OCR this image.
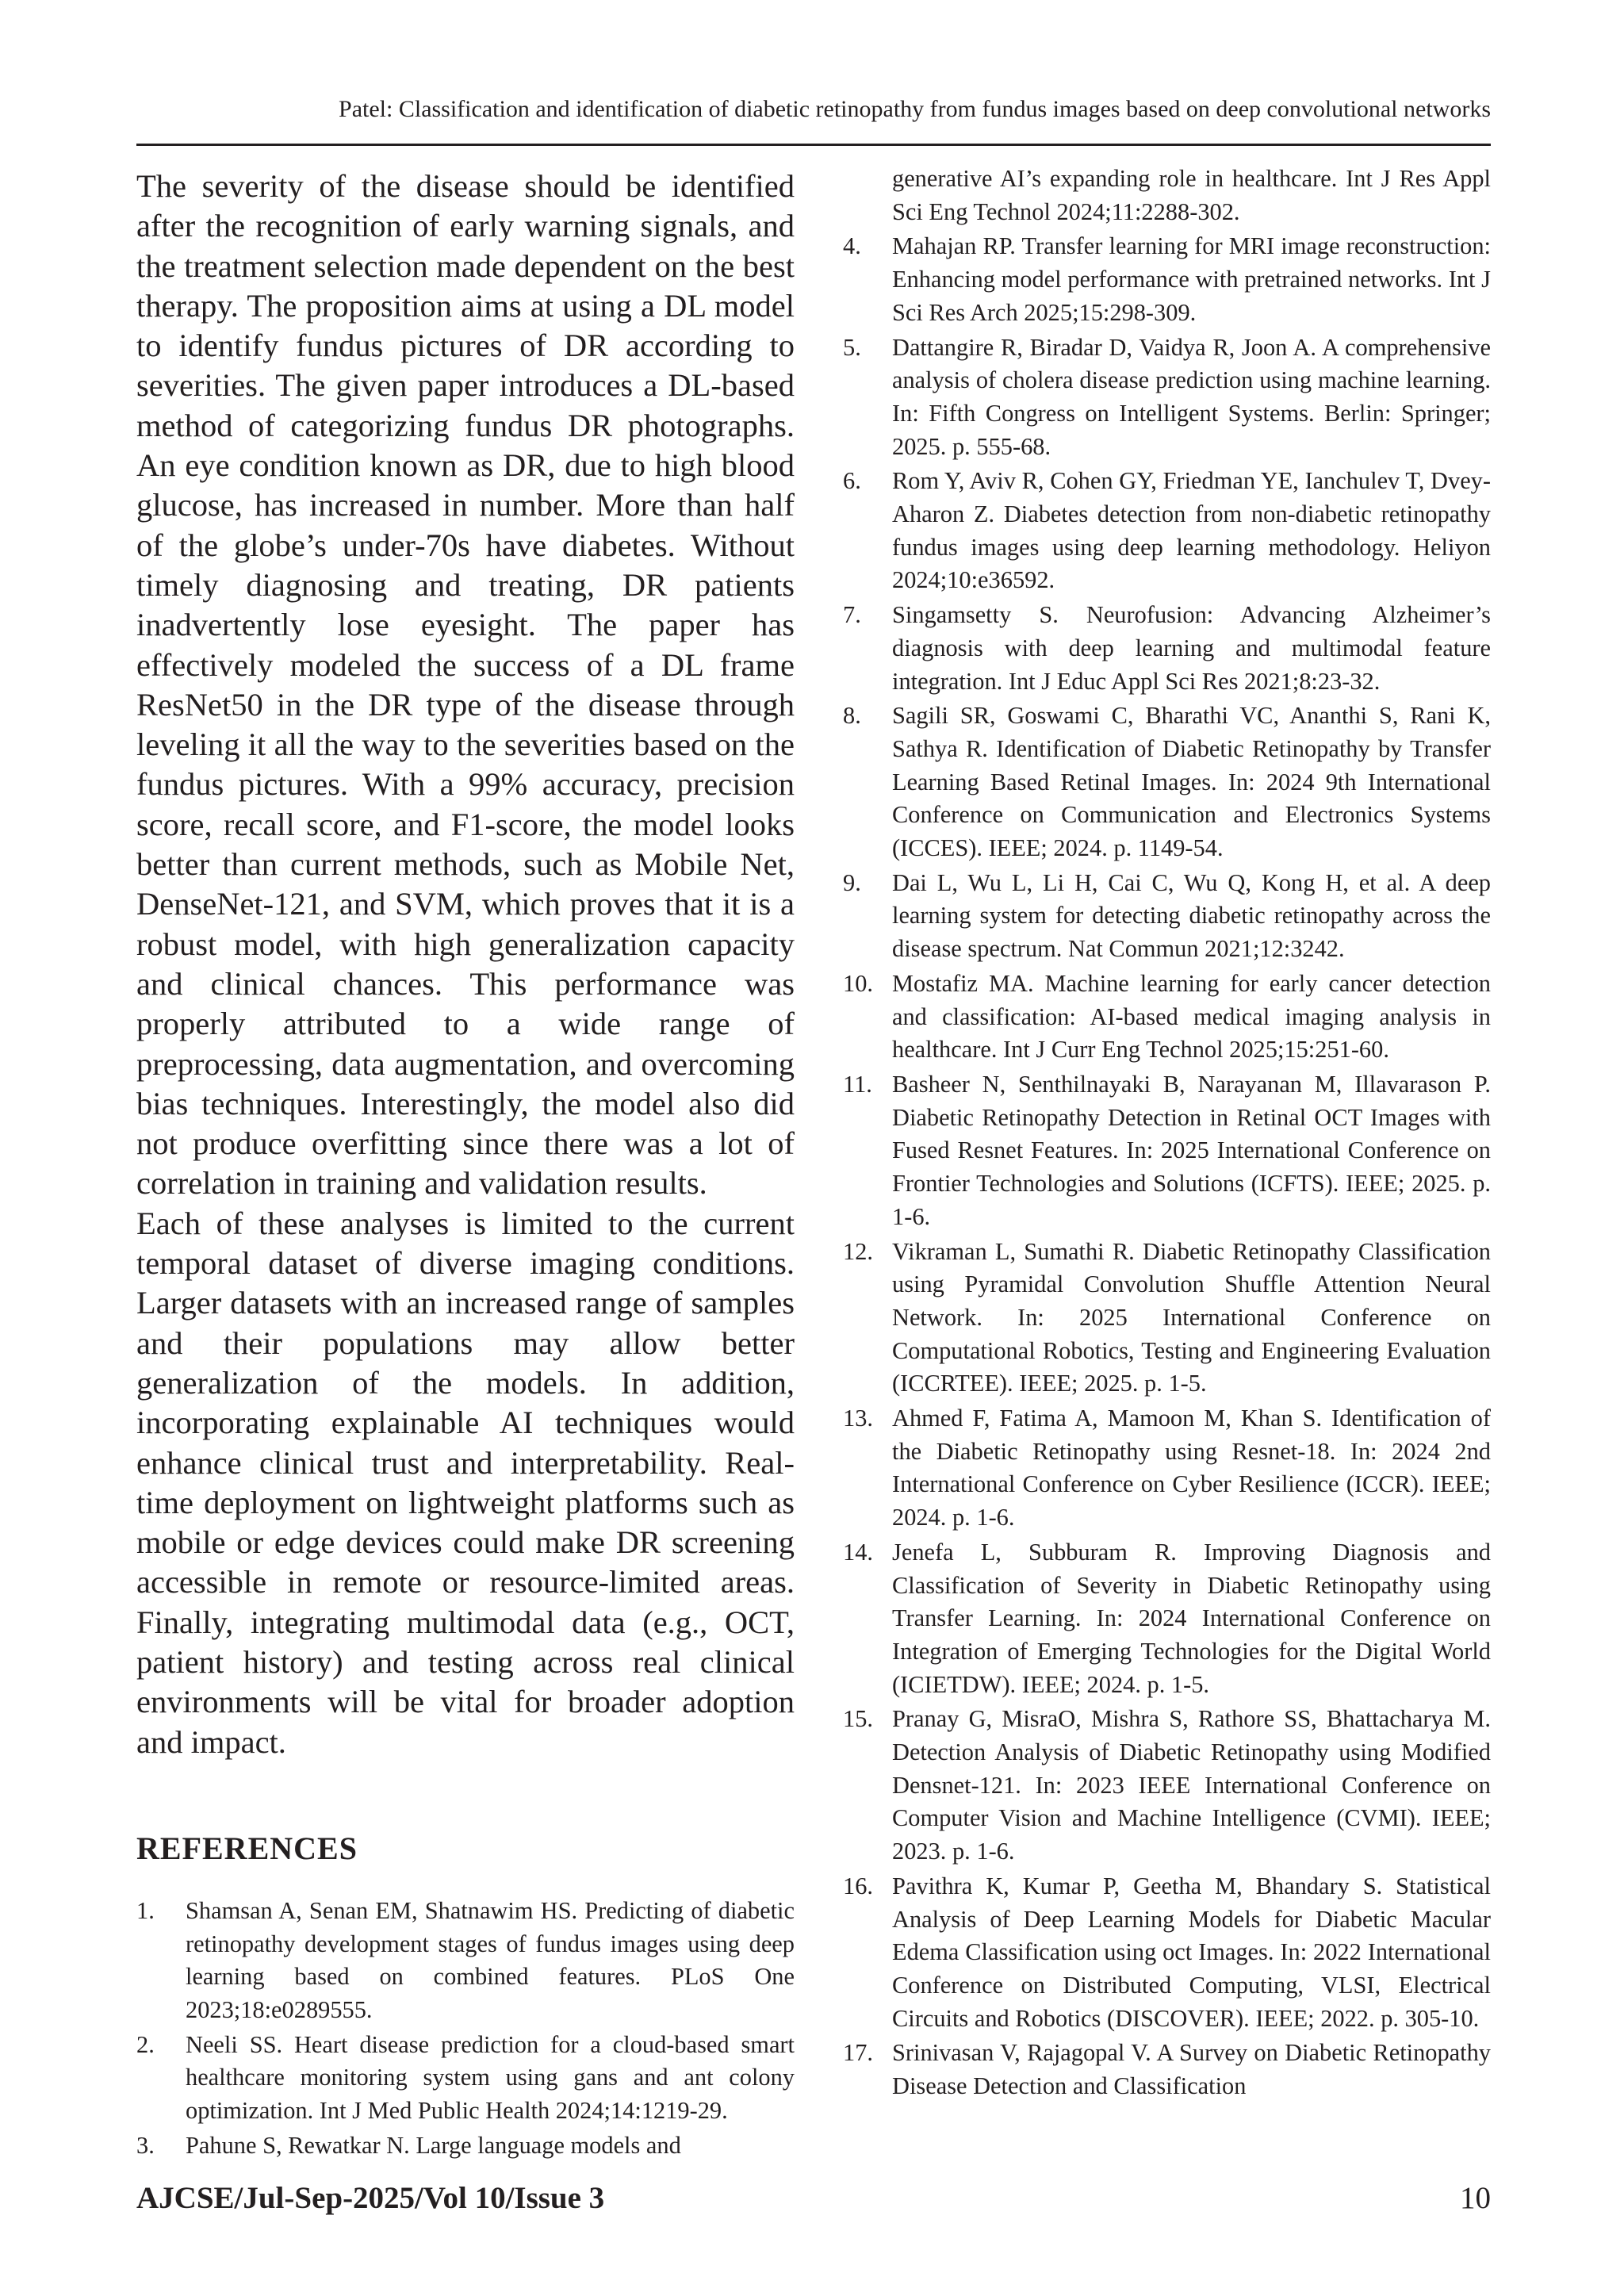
Patel: Classification and identification of diabetic retinopathy from fundus images based on deep convolutional networks

The severity of the disease should be identified after the recognition of early warning signals, and the treatment selection made dependent on the best therapy. The proposition aims at using a DL model to identify fundus pictures of DR according to severities. The given paper introduces a DL-based method of categorizing fundus DR photographs. An eye condition known as DR, due to high blood glucose, has increased in number. More than half of the globe’s under-70s have diabetes. Without timely diagnosing and treating, DR patients inadvertently lose eyesight. The paper has effectively modeled the success of a DL frame ResNet50 in the DR type of the disease through leveling it all the way to the severities based on the fundus pictures. With a 99% accuracy, precision score, recall score, and F1-score, the model looks better than current methods, such as Mobile Net, DenseNet-121, and SVM, which proves that it is a robust model, with high generalization capacity and clinical chances. This performance was properly attributed to a wide range of preprocessing, data augmentation, and overcoming bias techniques. Interestingly, the model also did not produce overfitting since there was a lot of correlation in training and validation results.

Each of these analyses is limited to the current temporal dataset of diverse imaging conditions. Larger datasets with an increased range of samples and their populations may allow better generalization of the models. In addition, incorporating explainable AI techniques would enhance clinical trust and interpretability. Real-time deployment on lightweight platforms such as mobile or edge devices could make DR screening accessible in remote or resource-limited areas. Finally, integrating multimodal data (e.g., OCT, patient history) and testing across real clinical environments will be vital for broader adoption and impact.

REFERENCES
1.	Shamsan A, Senan EM, Shatnawim HS. Predicting of diabetic retinopathy development stages of fundus images using deep learning based on combined features. PLoS One 2023;18:e0289555.
2.	Neeli SS. Heart disease prediction for a cloud-based smart healthcare monitoring system using gans and ant colony optimization. Int J Med Public Health 2024;14:1219-29.
3.	Pahune S, Rewatkar N. Large language models and
generative AI’s expanding role in healthcare. Int J Res Appl Sci Eng Technol 2024;11:2288-302.
4.	Mahajan RP. Transfer learning for MRI image reconstruction: Enhancing model performance with pretrained networks. Int J Sci Res Arch 2025;15:298-309.
5.	Dattangire R, Biradar D, Vaidya R, Joon A. A comprehensive analysis of cholera disease prediction using machine learning. In: Fifth Congress on Intelligent Systems. Berlin: Springer; 2025. p. 555-68.
6.	Rom Y, Aviv R, Cohen GY, Friedman YE, Ianchulev T, Dvey-Aharon Z. Diabetes detection from non-diabetic retinopathy fundus images using deep learning methodology. Heliyon 2024;10:e36592.
7.	Singamsetty S. Neurofusion: Advancing Alzheimer’s diagnosis with deep learning and multimodal feature integration. Int J Educ Appl Sci Res 2021;8:23-32.
8.	Sagili SR, Goswami C, Bharathi VC, Ananthi S, Rani K, Sathya R. Identification of Diabetic Retinopathy by Transfer Learning Based Retinal Images. In: 2024 9th International Conference on Communication and Electronics Systems (ICCES). IEEE; 2024. p. 1149-54.
9.	Dai L, Wu L, Li H, Cai C, Wu Q, Kong H, et al. A deep learning system for detecting diabetic retinopathy across the disease spectrum. Nat Commun 2021;12:3242.
10. Mostafiz MA. Machine learning for early cancer detection and classification: AI-based medical imaging analysis in healthcare. Int J Curr Eng Technol 2025;15:251-60.
11. Basheer N, Senthilnayaki B, Narayanan M, Illavarason P. Diabetic Retinopathy Detection in Retinal OCT Images with Fused Resnet Features. In: 2025 International Conference on Frontier Technologies and Solutions (ICFTS). IEEE; 2025. p. 1-6.
12. Vikraman L, Sumathi R. Diabetic Retinopathy Classification using Pyramidal Convolution Shuffle Attention Neural Network. In: 2025 International Conference on Computational Robotics, Testing and Engineering Evaluation (ICCRTEE). IEEE; 2025. p. 1-5.
13. Ahmed F, Fatima A, Mamoon M, Khan S. Identification of the Diabetic Retinopathy using Resnet-18. In: 2024 2nd International Conference on Cyber Resilience (ICCR). IEEE; 2024. p. 1-6.
14. Jenefa L, Subburam R. Improving Diagnosis and Classification of Severity in Diabetic Retinopathy using Transfer Learning. In: 2024 International Conference on Integration of Emerging Technologies for the Digital World (ICIETDW). IEEE; 2024. p. 1-5.
15. Pranay G, MisraO, Mishra S, Rathore SS, Bhattacharya M. Detection Analysis of Diabetic Retinopathy using Modified Densnet-121. In: 2023 IEEE International Conference on Computer Vision and Machine Intelligence (CVMI). IEEE; 2023. p. 1-6.
16. Pavithra K, Kumar P, Geetha M, Bhandary S. Statistical Analysis of Deep Learning Models for Diabetic Macular Edema Classification using oct Images. In: 2022 International Conference on Distributed Computing, VLSI, Electrical Circuits and Robotics (DISCOVER). IEEE; 2022. p. 305-10.
17. Srinivasan V, Rajagopal V. A Survey on Diabetic Retinopathy Disease Detection and Classification
AJCSE/Jul-Sep-2025/Vol 10/Issue 3	10
